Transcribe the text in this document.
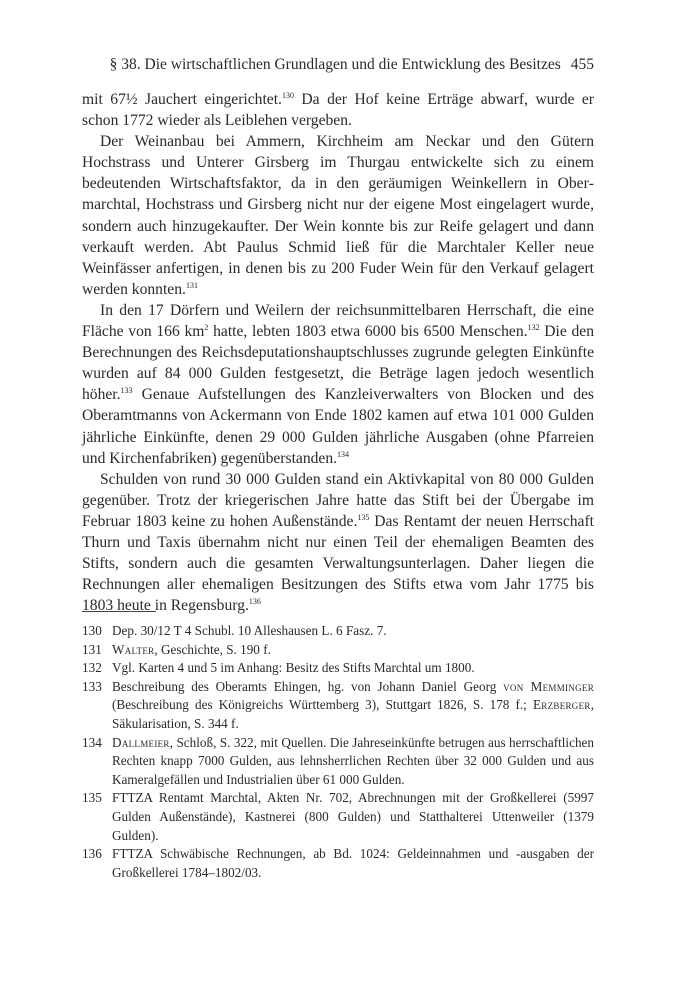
§ 38. Die wirtschaftlichen Grundlagen und die Entwicklung des Besitzes 455

mit 67½ Jauchert eingerichtet.$^{130}$ Da der Hof keine Erträge abwarf, wurde er schon 1772 wieder als Leiblehen vergeben.

Der Weinanbau bei Ammern, Kirchheim am Neckar und den Gütern Hochstrass und Unterer Girsberg im Thurgau entwickelte sich zu einem bedeutenden Wirtschaftsfaktor, da in den geräumigen Weinkellern in Obermarchtal, Hochstrass und Girsberg nicht nur der eigene Most eingelagert wurde, sondern auch hinzugekaufter. Der Wein konnte bis zur Reife gelagert und dann verkauft werden. Abt Paulus Schmid ließ für die Marchtaler Keller neue Weinfässer anfertigen, in denen bis zu 200 Fuder Wein für den Verkauf gelagert werden konnten.$^{131}$

In den 17 Dörfern und Weilern der reichsunmittelbaren Herrschaft, die eine Fläche von 166 $km^2$ hatte, lebten 1803 etwa 6000 bis 6500 Menschen.$^{132}$ Die den Berechnungen des Reichsdeputationshauptschlusses zugrunde gelegten Einkünfte wurden auf 84 000 Gulden festgesetzt, die Beträge lagen jedoch wesentlich höher.$^{133}$ Genaue Aufstellungen des Kanzleiverwalters von Blocken und des Oberamtmanns von Ackermann von Ende 1802 kamen auf etwa 101 000 Gulden jährliche Einkünfte, denen 29 000 Gulden jährliche Ausgaben (ohne Pfarreien und Kirchenfabriken) gegenüberstanden.$^{134}$

Schulden von rund 30 000 Gulden stand ein Aktivkapital von 80 000 Gulden gegenüber. Trotz der kriegerischen Jahre hatte das Stift bei der Übergabe im Februar 1803 keine zu hohen Außenstände.$^{135}$ Das Rentamt der neuen Herrschaft Thurn und Taxis übernahm nicht nur einen Teil der ehemaligen Beamten des Stifts, sondern auch die gesamten Verwaltungsunterlagen. Daher liegen die Rechnungen aller ehemaligen Besitzungen des Stifts etwa vom Jahr 1775 bis 1803 heute in Regensburg.$^{136}$

130 Dep. 30/12 T 4 Schubl. 10 Alleshausen L. 6 Fasz. 7.
131 Walter, Geschichte, S. 190 f.
132 Vgl. Karten 4 und 5 im Anhang: Besitz des Stifts Marchtal um 1800.
133 Beschreibung des Oberamts Ehingen, hg. von Johann Daniel Georg von Memminger (Beschreibung des Königreichs Württemberg 3), Stuttgart 1826, S. 178 f.; Erzberger, Säkularisation, S. 344 f.
134 Dallmeier, Schloß, S. 322, mit Quellen. Die Jahreseinkünfte betrugen aus herrschaftlichen Rechten knapp 7000 Gulden, aus lehnsherrlichen Rechten über 32 000 Gulden und aus Kameralgefällen und Industrialien über 61 000 Gulden.
135 FTTZA Rentamt Marchtal, Akten Nr. 702, Abrechnungen mit der Großkellerei (5997 Gulden Außenstände), Kastnerei (800 Gulden) und Statthalterei Uttenweiler (1379 Gulden).
136 FTTZA Schwäbische Rechnungen, ab Bd. 1024: Geldeinnahmen und -ausgaben der Großkellerei 1784–1802/03.
